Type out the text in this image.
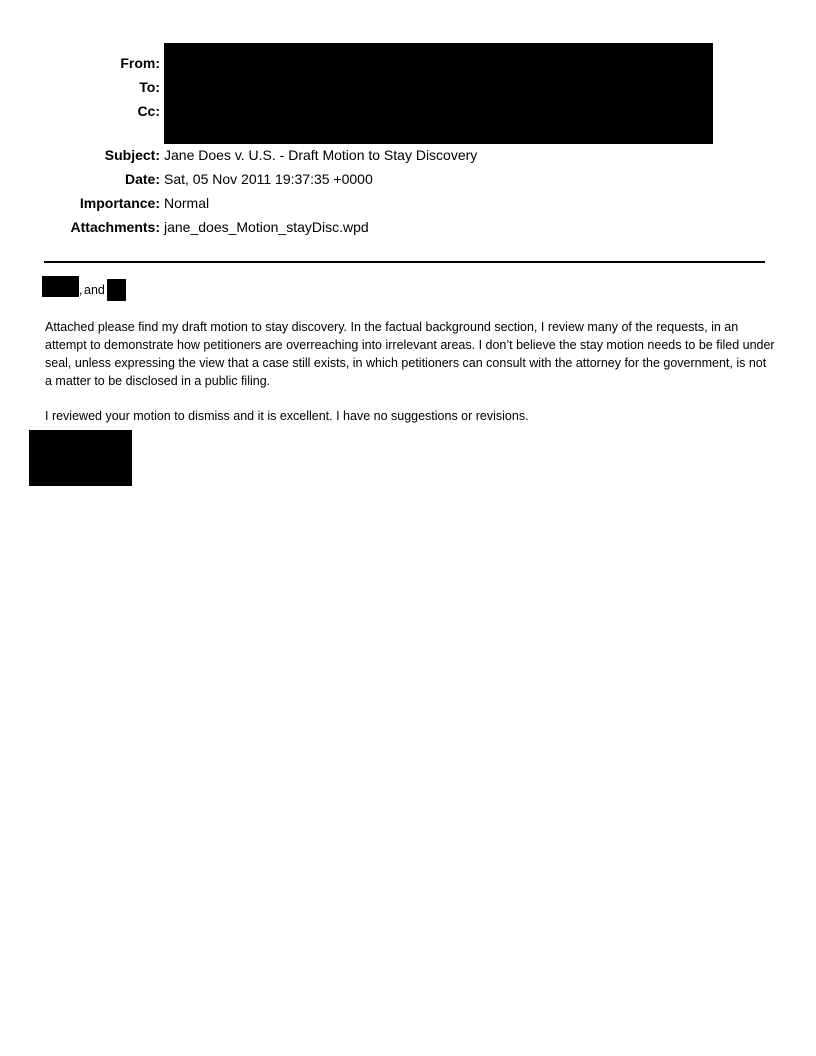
From:
To:
Cc:
Subject: Jane Does v. U.S. - Draft Motion to Stay Discovery
Date: Sat, 05 Nov 2011 19:37:35 +0000
Importance: Normal
Attachments: jane_does_Motion_stayDisc.wpd
, and
Attached please find my draft motion to stay discovery. In the factual background section, I review many of the requests, in an attempt to demonstrate how petitioners are overreaching into irrelevant areas. I don’t believe the stay motion needs to be filed under seal, unless expressing the view that a case still exists, in which petitioners can consult with the attorney for the government, is not a matter to be disclosed in a public filing.
I reviewed your motion to dismiss and it is excellent. I have no suggestions or revisions.
